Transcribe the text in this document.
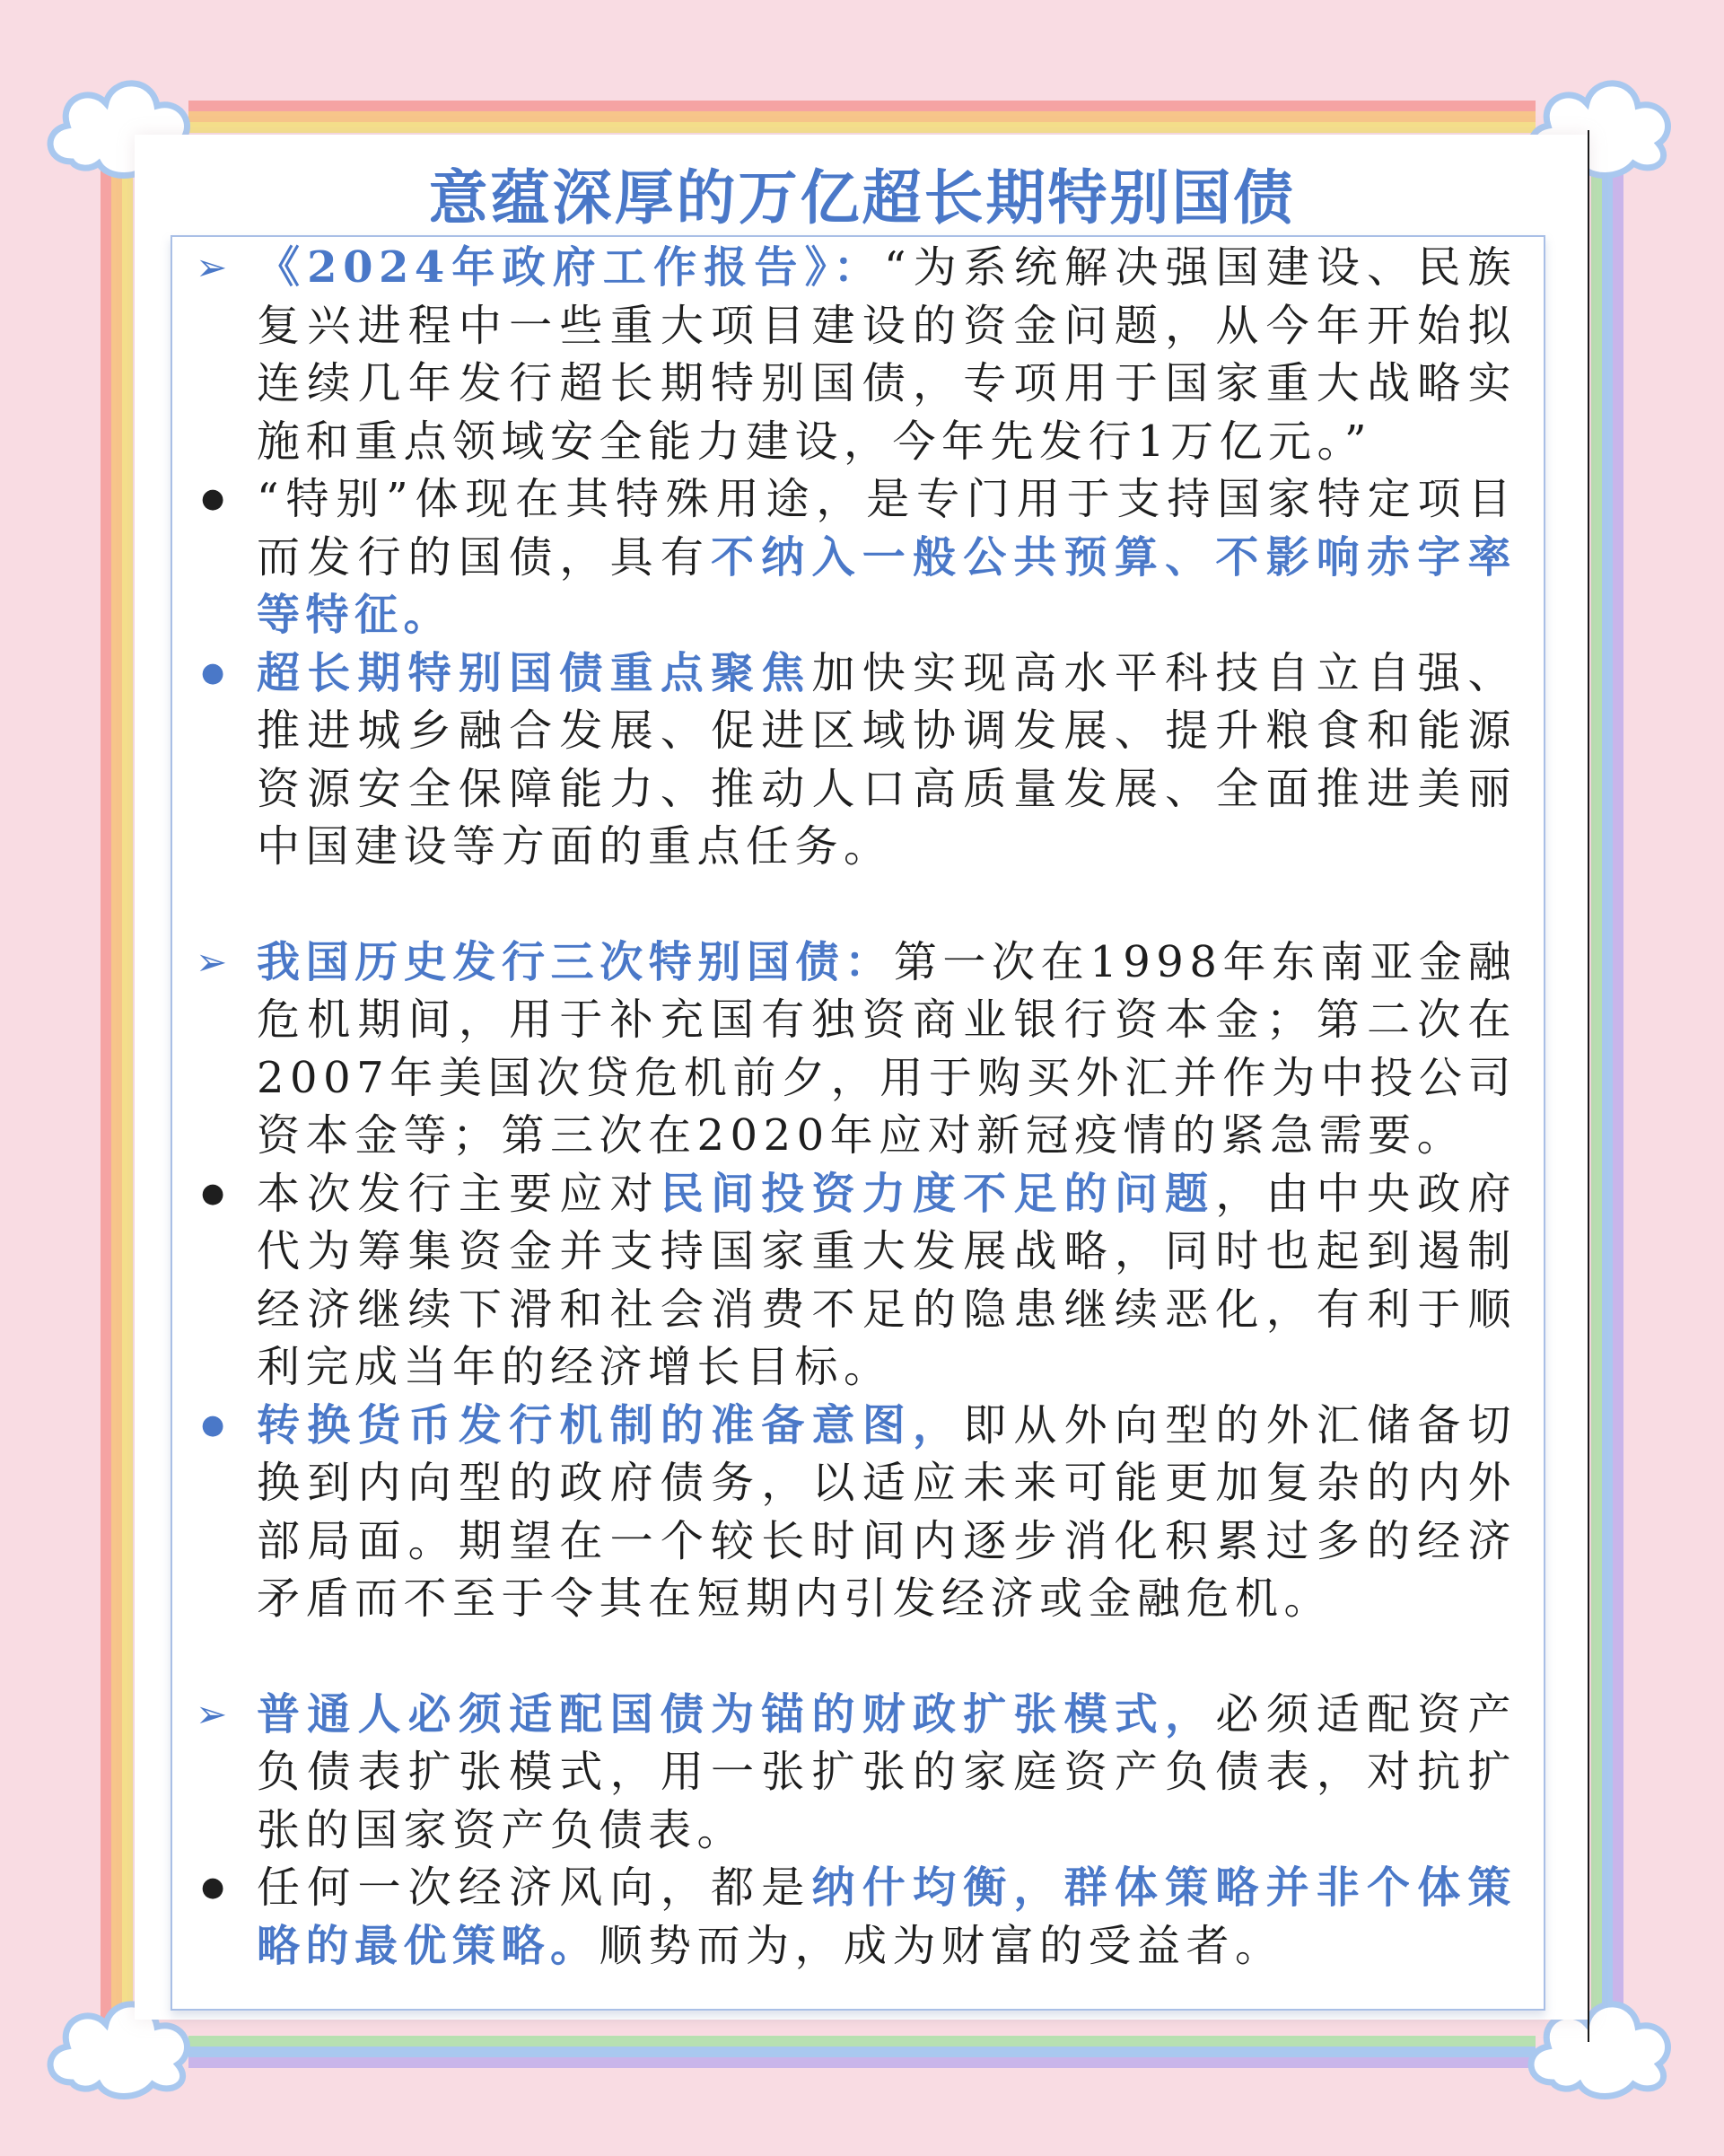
意蕴深厚的万亿超长期特别国债
➢ 《2024年政府工作报告》：“为系统解决强国建设、民族复兴进程中一些重大项目建设的资金问题，从今年开始拟连续几年发行超长期特别国债，专项用于国家重大战略实施和重点领域安全能力建设，今年先发行1万亿元。”
● “特别”体现在其特殊用途，是专门用于支持国家特定项目而发行的国债，具有不纳入一般公共预算、不影响赤字率等特征。
● 超长期特别国债重点聚焦加快实现高水平科技自立自强、推进城乡融合发展、促进区域协调发展、提升粮食和能源资源安全保障能力、推动人口高质量发展、全面推进美丽中国建设等方面的重点任务。
➢ 我国历史发行三次特别国债：第一次在1998年东南亚金融危机期间，用于补充国有独资商业银行资本金；第二次在2007年美国次贷危机前夕，用于购买外汇并作为中投公司资本金等；第三次在2020年应对新冠疫情的紧急需要。
● 本次发行主要应对民间投资力度不足的问题，由中央政府代为筹集资金并支持国家重大发展战略，同时也起到遏制经济继续下滑和社会消费不足的隐患继续恶化，有利于顺利完成当年的经济增长目标。
● 转换货币发行机制的准备意图，即从外向型的外汇储备切换到内向型的政府债务，以适应未来可能更加复杂的内外部局面。期望在一个较长时间内逐步消化积累过多的经济矛盾而不至于令其在短期内引发经济或金融危机。
➢ 普通人必须适配国债为锚的财政扩张模式，必须适配资产负债表扩张模式，用一张扩张的家庭资产负债表，对抗扩张的国家资产负债表。
● 任何一次经济风向，都是纳什均衡，群体策略并非个体策略的最优策略。顺势而为，成为财富的受益者。
